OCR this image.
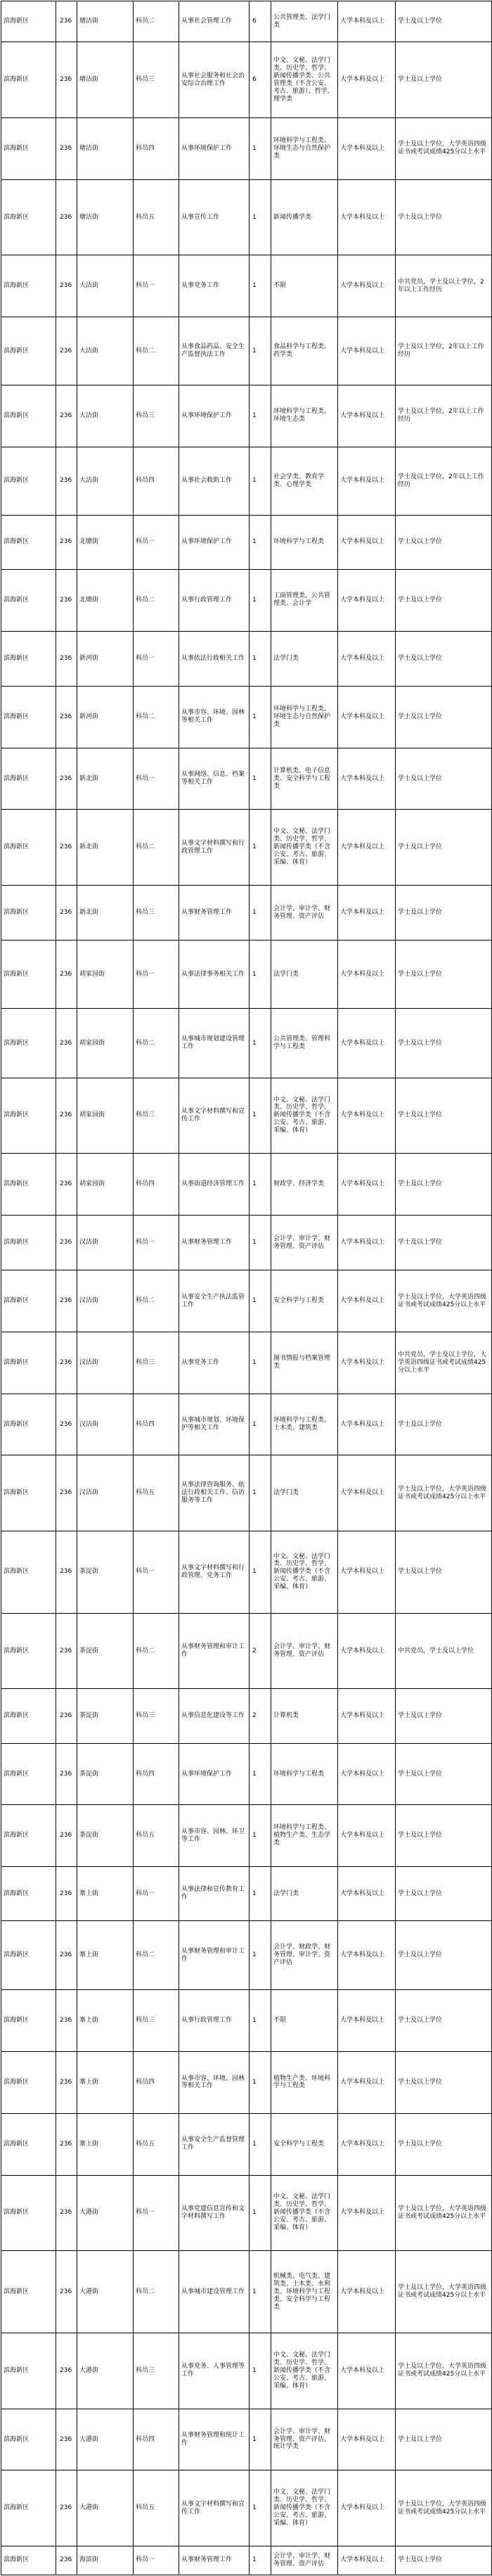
滨海新区	236	塘沽街	科员二	从事社会管理工作	6	公共管理类、法学门类	大学本科及以上	学士及以上学位
滨海新区	236	塘沽街	科员三	从事社会服务和社会治安综合治理工作	6	中文、文秘、法学门类、历史学、哲学、新闻传播学类、公共管理类（不含公安、考古、旅游）、哲学、理学类	大学本科及以上	学士及以上学位
滨海新区	236	塘沽街	科员四	从事环境保护工作	1	环境科学与工程类、环境生态与自然保护类	大学本科及以上	学士及以上学位，大学英语四级证书或考试成绩425分以上水平
滨海新区	236	塘沽街	科员五	从事宣传工作	1	新闻传播学类	大学本科及以上	学士及以上学位
滨海新区	236	大沽街	科员一	从事党务工作	1	不限	大学本科及以上	中共党员，学士及以上学位，2年以上工作经历
滨海新区	236	大沽街	科员二	从事食品药品、安全生产监督执法工作	1	食品科学与工程类、药学类	大学本科及以上	学士及以上学位，2年以上工作经历
滨海新区	236	大沽街	科员三	从事环境保护工作	1	环境科学与工程类、环境生态类	大学本科及以上	学士及以上学位，2年以上工作经历
滨海新区	236	大沽街	科员四	从事社会救助工作	1	社会学类、教育学类、心理学类	大学本科及以上	学士及以上学位，2年以上工作经历
滨海新区	236	北塘街	科员一	从事环境保护工作	1	环境科学与工程类	大学本科及以上	学士及以上学位
滨海新区	236	北塘街	科员二	从事行政管理工作	1	工商管理类、公共管理类、会计学	大学本科及以上	学士及以上学位
滨海新区	236	新河街	科员一	从事依法行政相关工作	1	法学门类	大学本科及以上	学士及以上学位
滨海新区	236	新河街	科员二	从事市容、环境、园林等相关工作	1	环境科学与工程类、环境生态与自然保护类	大学本科及以上	学士及以上学位
滨海新区	236	新北街	科员一	从事网络、信息、档案等相关工作	1	计算机类、电子信息类、安全科学与工程类	大学本科及以上	学士及以上学位
滨海新区	236	新北街	科员二	从事文字材料撰写和行政管理工作	1	中文、文秘、法学门类、历史学、哲学、新闻传播学类（不含公安、考古、旅游、采编、体育）	大学本科及以上	学士及以上学位
滨海新区	236	新北街	科员三	从事财务管理工作	1	会计学、审计学、财务管理、资产评估	大学本科及以上	学士及以上学位
滨海新区	236	胡家园街	科员一	从事法律事务相关工作	1	法学门类	大学本科及以上	学士及以上学位
滨海新区	236	胡家园街	科员二	从事城市规划建设管理工作	1	公共管理类、管理科学与工程类	大学本科及以上	学士及以上学位
滨海新区	236	胡家园街	科员三	从事文字材料撰写和宣传工作	1	中文、文秘、法学门类、历史学、哲学、新闻传播学类（不含公安、考古、旅游、采编、体育）	大学本科及以上	学士及以上学位
滨海新区	236	胡家园街	科员四	从事街道经济管理工作	1	财政学、经济学类	大学本科及以上	学士及以上学位
滨海新区	236	汉沽街	科员一	从事财务管理工作	1	会计学、审计学、财务管理、资产评估	大学本科及以上	学士及以上学位
滨海新区	236	汉沽街	科员二	从事安全生产执法监管工作	1	安全科学与工程类	大学本科及以上	学士及以上学位，大学英语四级证书或考试成绩425分以上水平
滨海新区	236	汉沽街	科员三	从事党务工作	1	图书情报与档案管理类	大学本科及以上	中共党员，学士及以上学位，大学英语四级证书或考试成绩425分以上水平
滨海新区	236	汉沽街	科员四	从事城市规划、环境保护等相关工作	1	环境科学与工程类、土木类、建筑类	大学本科及以上	学士及以上学位
滨海新区	236	汉沽街	科员五	从事法律咨询服务、依法行政相关工作、信访服务等工作	1	法学门类	大学本科及以上	学士及以上学位，大学英语四级证书或考试成绩425分以上水平
滨海新区	236	茶淀街	科员一	从事文字材料撰写和行政管理、党务工作	1	中文、文秘、法学门类、历史学、哲学、新闻传播学类（不含公安、考古、旅游、采编、体育）	大学本科及以上	学士及以上学位
滨海新区	236	茶淀街	科员二	从事财务管理和审计工作	2	会计学、审计学、财务管理、资产评估	大学本科及以上	中共党员，学士及以上学位
滨海新区	236	茶淀街	科员三	从事信息化建设等工作	2	计算机类	大学本科及以上	学士及以上学位
滨海新区	236	茶淀街	科员四	从事环境保护工作	1	环境科学与工程类	大学本科及以上	学士及以上学位
滨海新区	236	茶淀街	科员五	从事市容、园林、环卫等工作	1	环境科学与工程类、植物生产类、生态学类	大学本科及以上	学士及以上学位
滨海新区	236	寨上街	科员一	从事法律和宣传教育工作	1	法学门类	大学本科及以上	学士及以上学位
滨海新区	236	寨上街	科员二	从事财务管理和审计工作	1	会计学、财政学、财务管理、审计学、资产评估	大学本科及以上	学士及以上学位
滨海新区	236	寨上街	科员三	从事行政管理工作	1	不限	大学本科及以上	学士及以上学位
滨海新区	236	寨上街	科员四	从事市容、环境、园林等相关工作	1	植物生产类、环境科学与工程类	大学本科及以上	学士及以上学位
滨海新区	236	寨上街	科员五	从事安全生产监督管理工作	1	安全科学与工程类	大学本科及以上	学士及以上学位
滨海新区	236	大港街	科员一	从事党建信息宣传和文字材料撰写工作	1	中文、文秘、法学门类、历史学、哲学、新闻传播学类（不含公安、考古、旅游、采编、体育）	大学本科及以上	学士及以上学位，大学英语四级证书或考试成绩425分以上水平
滨海新区	236	大港街	科员二	从事城市建设管理工作	1	机械类、电气类、建筑类、土木类、水利类、环境科学与工程类、安全科学与工程类	大学本科及以上	学士及以上学位，大学英语四级证书或考试成绩425分以上水平
滨海新区	236	大港街	科员三	从事党务、人事管理等工作	1	中文、文秘、法学门类、历史学、哲学、新闻传播学类（不含公安、考古、旅游、采编、体育）	大学本科及以上	学士及以上学位，大学英语四级证书或考试成绩425分以上水平
滨海新区	236	大港街	科员四	从事财务管理和统计工作	1	会计学、审计学、财务管理、资产评估、统计学类	大学本科及以上	学士及以上学位
滨海新区	236	大港街	科员五	从事文字材料撰写和宣传工作	1	中文、文秘、法学门类、历史学、哲学、新闻传播学类（不含公安、考古、旅游、采编、体育）	大学本科及以上	学士及以上学位，大学英语四级证书或考试成绩425分以上水平
滨海新区	236	海滨街	科员一	从事财务管理工作	1	会计学、审计学、财务管理、资产评估	大学本科及以上	学士及以上学位
